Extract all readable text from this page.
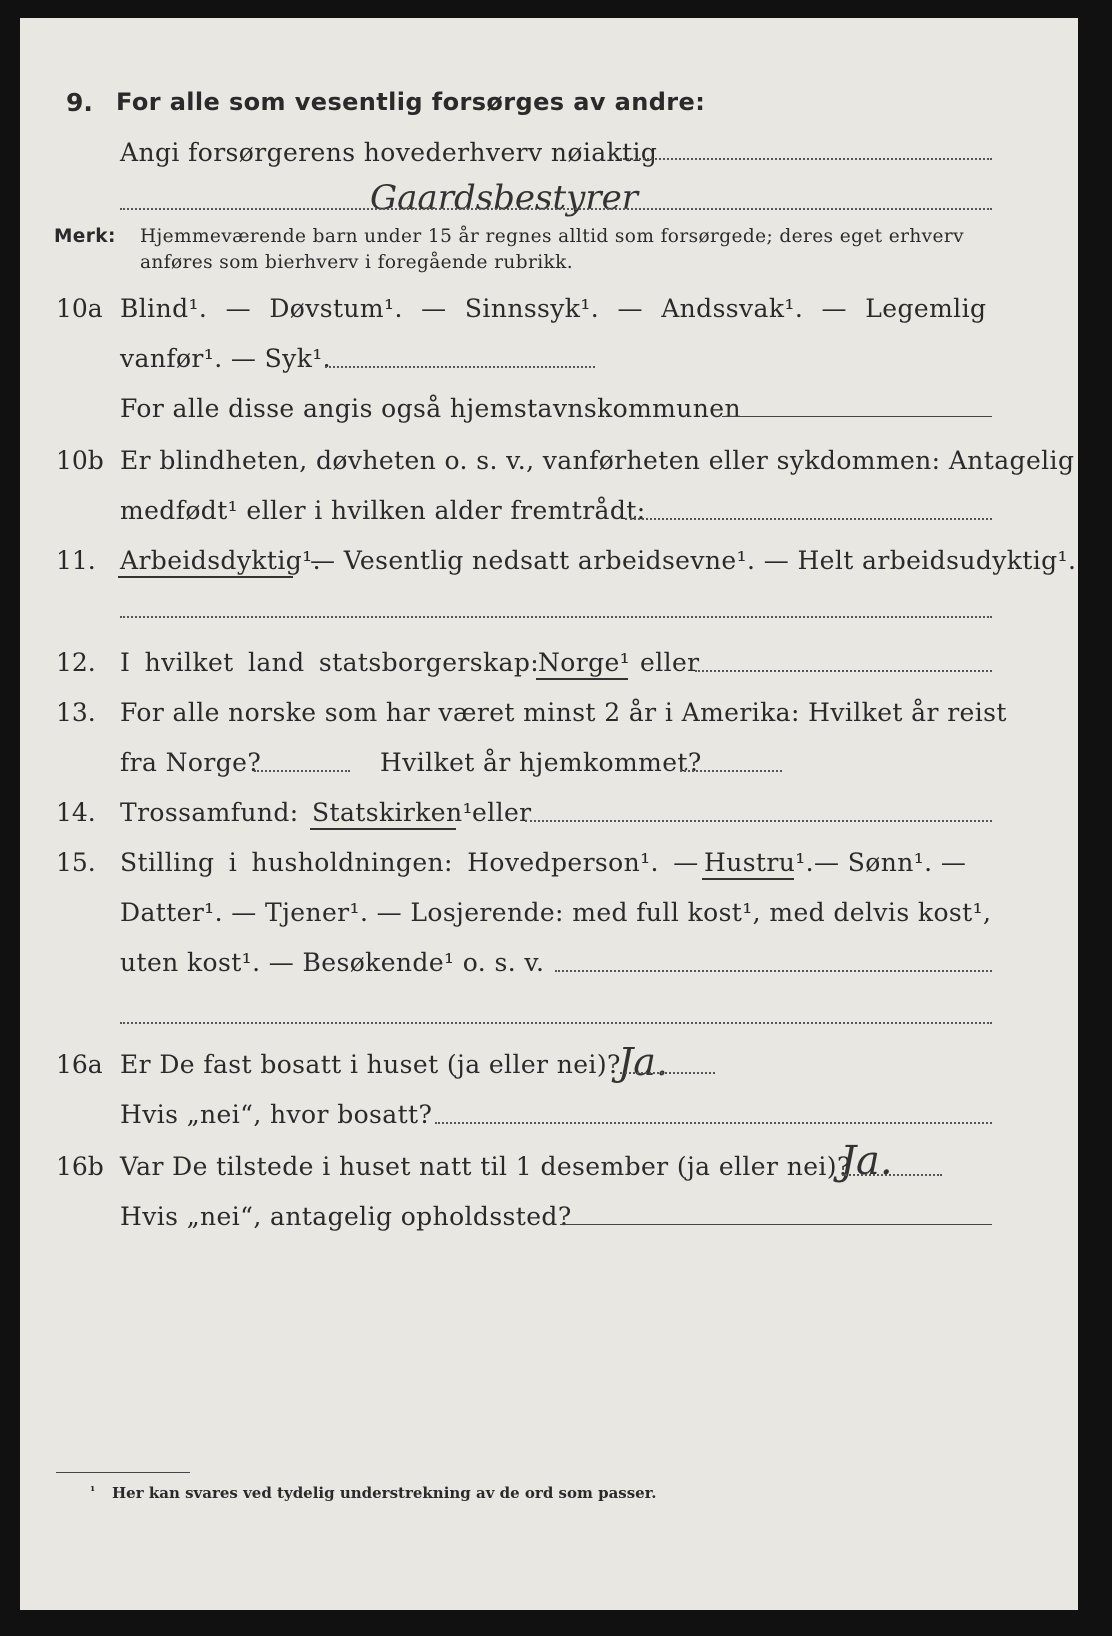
9. For alle som vesentlig forsørges av andre:
Angi forsørgerens hovederhverv nøiaktig
Gaardsbestyrer
Merk: Hjemmeværende barn under 15 år regnes alltid som forsørgede; deres eget erhverv
anføres som bierhverv i foregående rubrikk.
10a Blind¹. — Døvstum¹. — Sinnssyk¹. — Andssvak¹. — Legemlig
vanfør¹. — Syk¹.
For alle disse angis også hjemstavnskommunen
10b Er blindheten, døvheten o. s. v., vanførheten eller sykdommen: Antagelig
medfødt¹ eller i hvilken alder fremtrådt:
11. Arbeidsdyktig¹.
— Vesentlig nedsatt arbeidsevne¹. — Helt arbeidsudyktig¹.
12. I hvilket land statsborgerskap:
Norge¹ eller
13. For alle norske som har været minst 2 år i Amerika: Hvilket år reist
fra Norge?	Hvilket år hjemkommet?
14. Trossamfund: Statskirken¹ eller
15. Stilling i husholdningen: Hovedperson¹. — Hustru¹. — Sønn¹. —
Datter¹. — Tjener¹. — Losjerende: med full kost¹, med delvis kost¹,
uten kost¹. — Besøkende¹ o. s. v.
16a Er De fast bosatt i huset (ja eller nei)?
Ja.
Hvis „nei“, hvor bosatt?
16b Var De tilstede i huset natt til 1 desember (ja eller nei)?
Ja.
Hvis „nei“, antagelig opholdssted?
¹ Her kan svares ved tydelig understrekning av de ord som passer.
